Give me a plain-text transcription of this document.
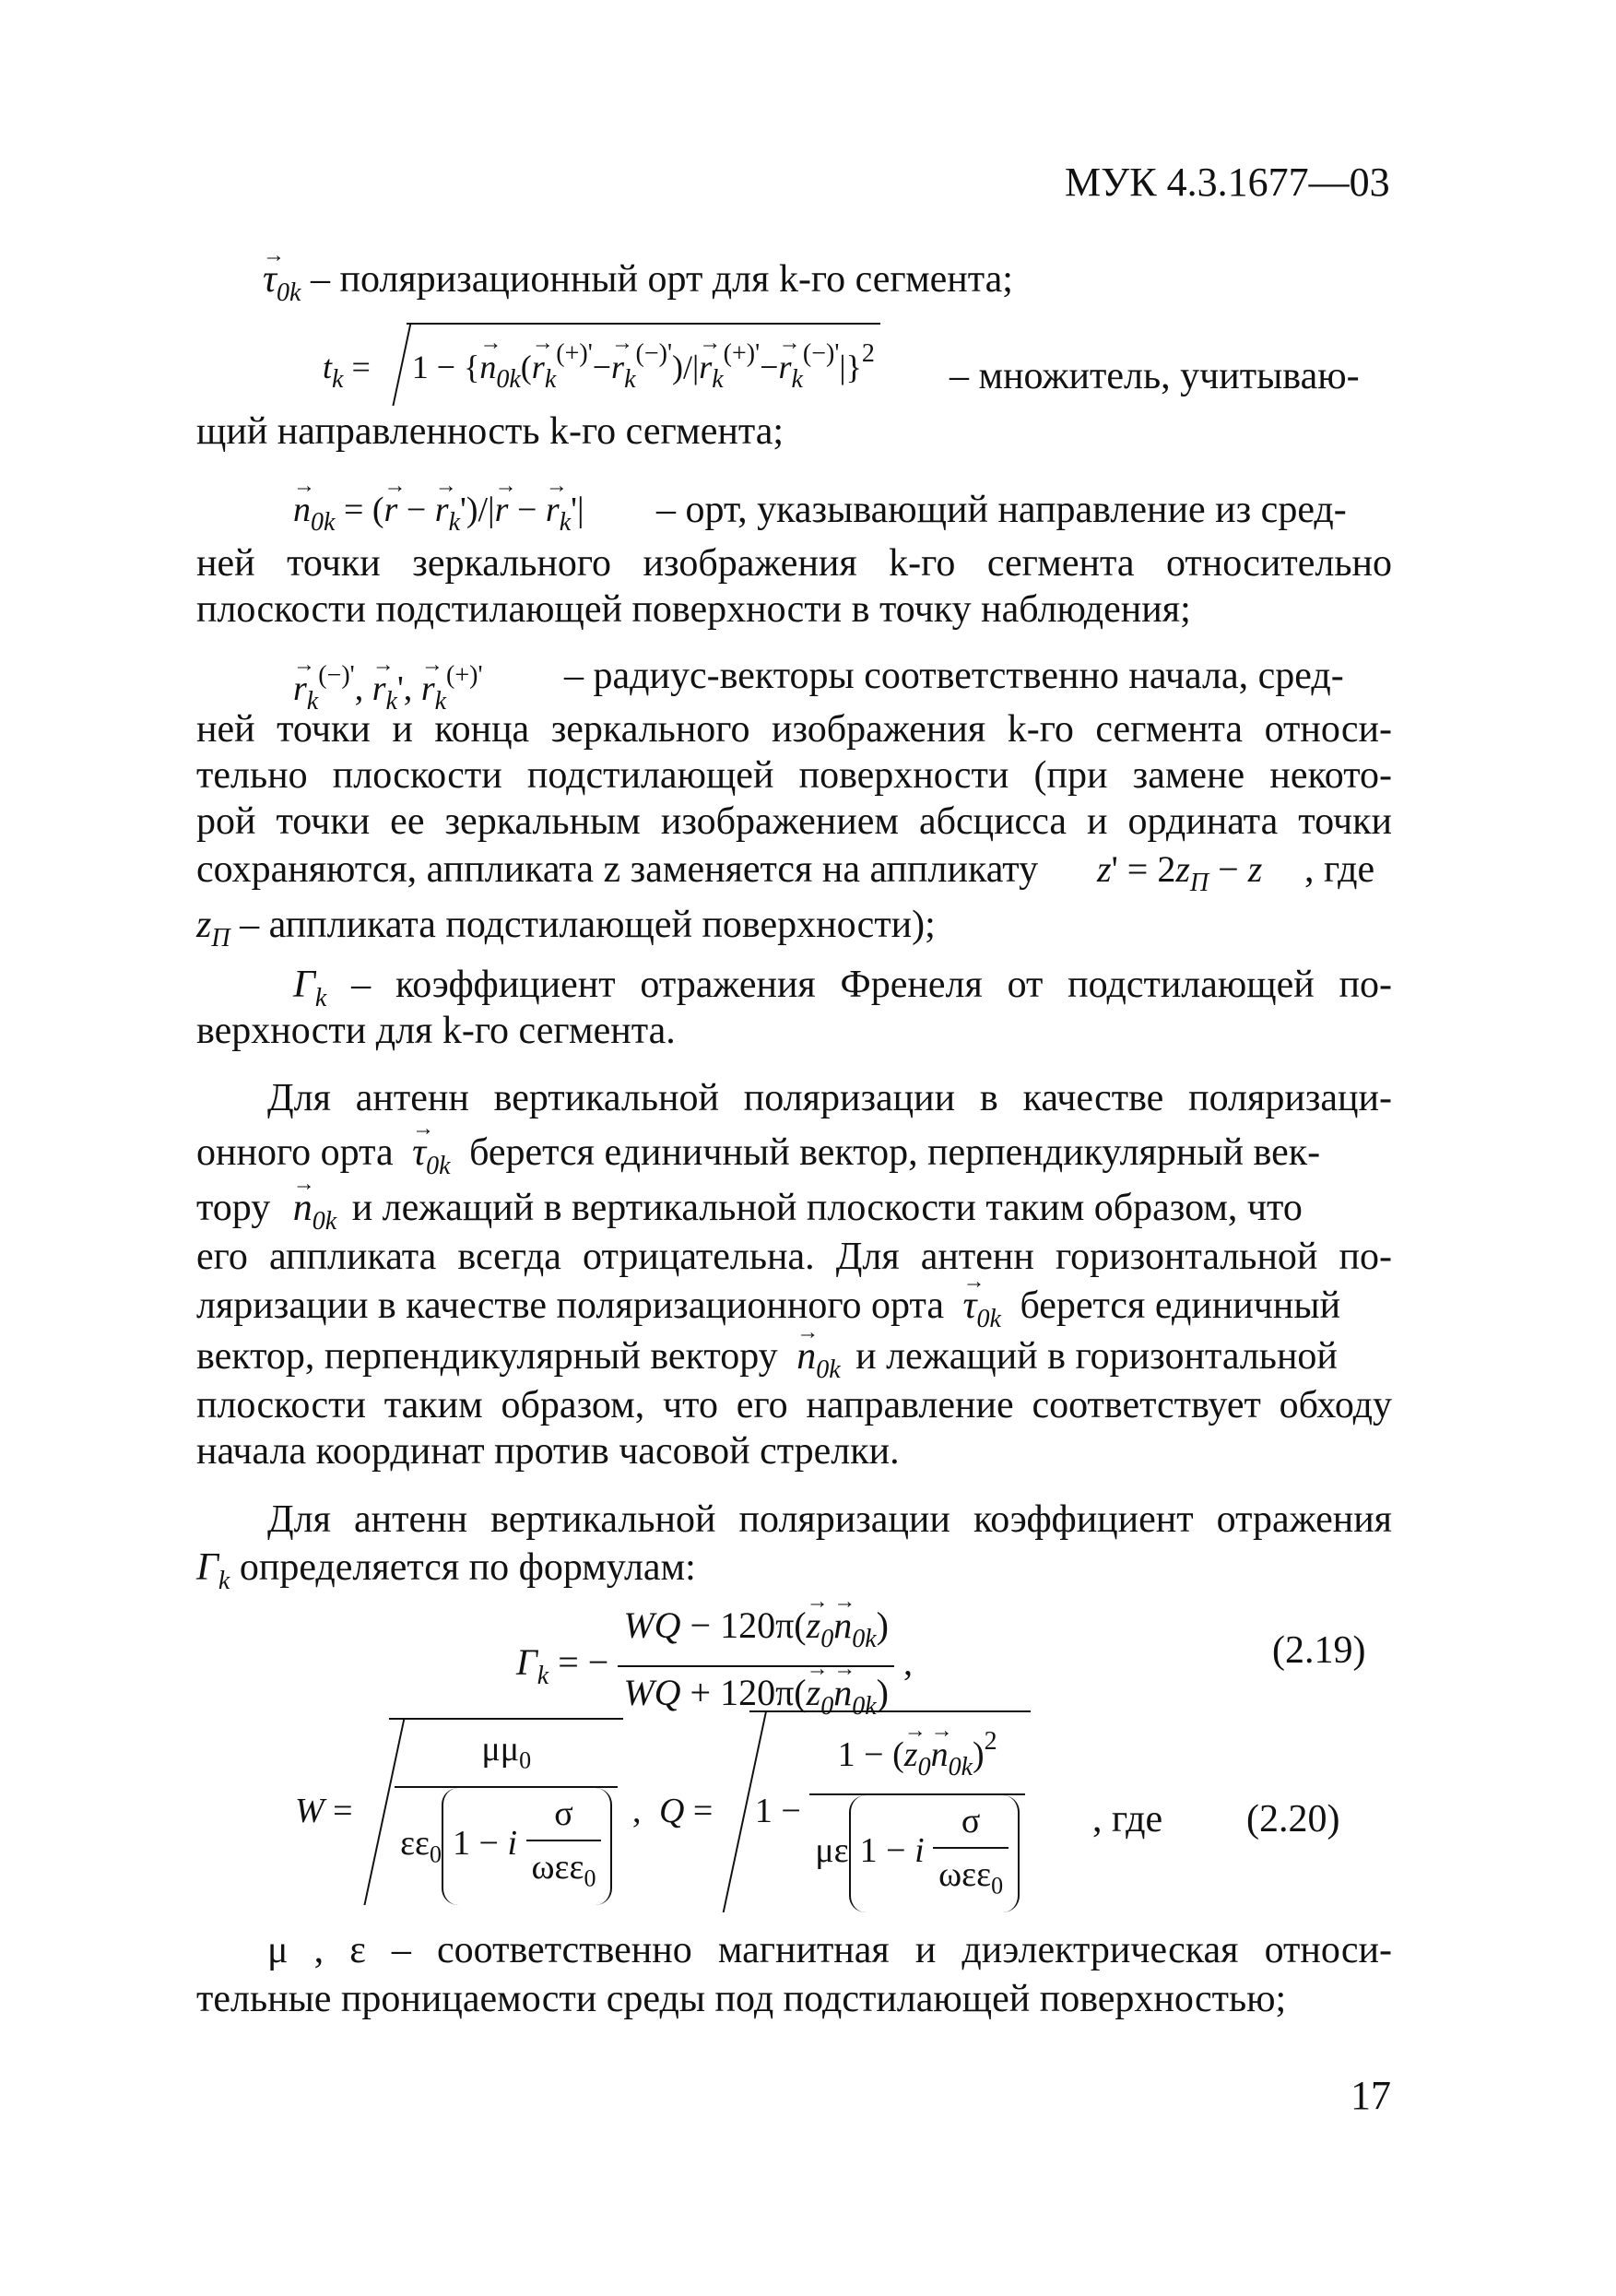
МУК 4.3.1677—03
→ $\tau_{0k}$ – поляризационный орт для k-го сегмента;
$t_k = 1$ − {→ $n_{0k}(\to r_k^{(+)'}-\to r_k^{(-)'})/|\to r_k^{(+)'}-\to r_k^{(-)'}|\}^2$
– множитель, учитываю-
щий направленность k-го сегмента;
→ $n_{0k}$ = (→ r − → $r_k')/|\to r$ − → $r_k'|$ – орт, указывающий направление из сред-
ней точки зеркального изображения k-го сегмента относительно
плоскости подстилающей поверхности в точку наблюдения;
→ $r_k^{(-)'}$, → $r_k'$, → $r_k^{(+)'}$ – радиус-векторы соответственно начала, сред-
ней точки и конца зеркального изображения k-го сегмента относи-
тельно плоскости подстилающей поверхности (при замене некото-
рой точки ее зеркальным изображением абсцисса и ордината точки
сохраняются, аппликата z заменяется на аппликату $z' = 2z_П - z$ , где
$z_П$ – аппликата подстилающей поверхности);
$\Gamma_k$ – коэффициент отражения Френеля от подстилающей по-
верхности для k-го сегмента.
Для антенн вертикальной поляризации в качестве поляризаци-
онного орта → $\tau_{0k}$ берется единичный вектор, перпендикулярный век-
тору → $n_{0k}$ и лежащий в вертикальной плоскости таким образом, что
его аппликата всегда отрицательна. Для антенн горизонтальной по-
ляризации в качестве поляризационного орта → $\tau_{0k}$ берется единичный
вектор, перпендикулярный вектору → $n_{0k}$ и лежащий в горизонтальной
плоскости таким образом, что его направление соответствует обходу
начала координат против часовой стрелки.
Для антенн вертикальной поляризации коэффициент отражения
$\Gamma_k$ определяется по формулам:
$\Gamma_k$ = − $\frac{WQ - 120\pi(\to z_0\to n_{0k})}{WQ + 120\pi(\to z_0\to n_{0k})}$ ,	(2.19)
$W = \frac{\mu\mu_0}{\varepsilon\varepsilon_0 1 - i \frac{\sigma}{\omega\varepsilon\varepsilon_0}}$ , $Q = 1 - \frac{1 - (\to z_0\to n_{0k})^2}{\mu\varepsilon 1 - i \frac{\sigma}{\omega\varepsilon\varepsilon_0}}$ , где (2.20)
μ , ε – соответственно магнитная и диэлектрическая относи-
тельные проницаемости среды под подстилающей поверхностью;
17
